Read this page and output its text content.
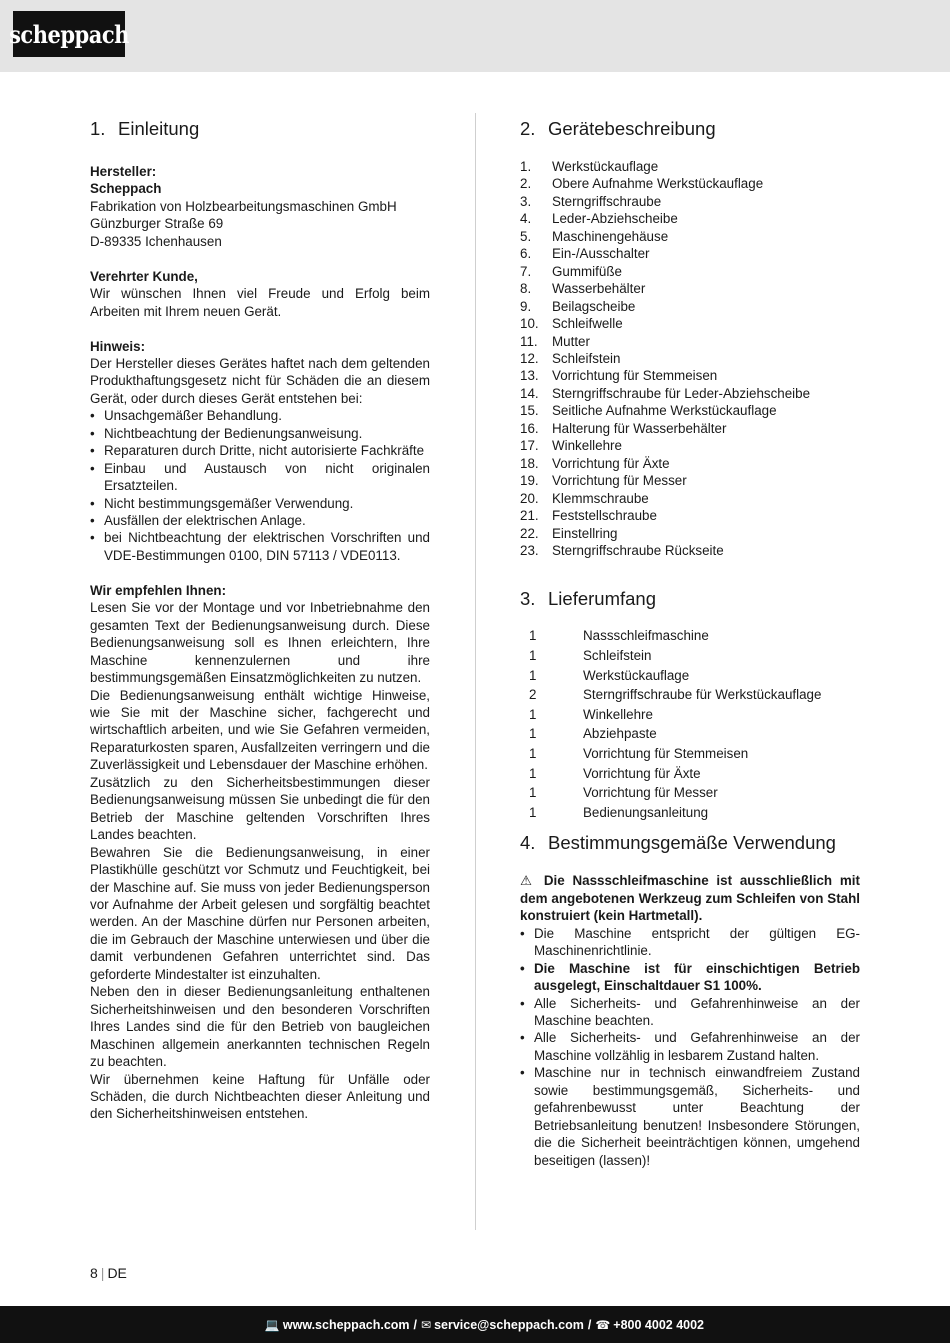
scheppach
1. Einleitung
Hersteller:
Scheppach
Fabrikation von Holzbearbeitungsmaschinen GmbH
Günzburger Straße 69
D-89335 Ichenhausen
Verehrter Kunde,

Wir wünschen Ihnen viel Freude und Erfolg beim Arbeiten mit Ihrem neuen Gerät.

Hinweis:

Der Hersteller dieses Gerätes haftet nach dem geltenden Produkthaftungsgesetz nicht für Schäden die an diesem Gerät, oder durch dieses Gerät entstehen bei:

• Unsachgemäßer Behandlung.
• Nichtbeachtung der Bedienungsanweisung.
• Reparaturen durch Dritte, nicht autorisierte Fachkräfte
• Einbau und Austausch von nicht originalen Ersatzteilen.
• Nicht bestimmungsgemäßer Verwendung.
• Ausfällen der elektrischen Anlage.
• bei Nichtbeachtung der elektrischen Vorschriften und VDE-Bestimmungen 0100, DIN 57113 / VDE0113.
Wir empfehlen Ihnen:

Lesen Sie vor der Montage und vor Inbetriebnahme den gesamten Text der Bedienungsanweisung durch. Diese Bedienungsanweisung soll es Ihnen erleichtern, Ihre Maschine kennenzulernen und ihre bestimmungsgemäßen Einsatzmöglichkeiten zu nutzen.

Die Bedienungsanweisung enthält wichtige Hinweise, wie Sie mit der Maschine sicher, fachgerecht und wirtschaftlich arbeiten, und wie Sie Gefahren vermeiden, Reparaturkosten sparen, Ausfallzeiten verringern und die Zuverlässigkeit und Lebensdauer der Maschine erhöhen.

Zusätzlich zu den Sicherheitsbestimmungen dieser Bedienungsanweisung müssen Sie unbedingt die für den Betrieb der Maschine geltenden Vorschriften Ihres Landes beachten.

Bewahren Sie die Bedienungsanweisung, in einer Plastikhülle geschützt vor Schmutz und Feuchtigkeit, bei der Maschine auf. Sie muss von jeder Bedienungsperson vor Aufnahme der Arbeit gelesen und sorgfältig beachtet werden. An der Maschine dürfen nur Personen arbeiten, die im Gebrauch der Maschine unterwiesen und über die damit verbundenen Gefahren unterrichtet sind. Das geforderte Mindestalter ist einzuhalten.

Neben den in dieser Bedienungsanleitung enthaltenen Sicherheitshinweisen und den besonderen Vorschriften Ihres Landes sind die für den Betrieb von baugleichen Maschinen allgemein anerkannten technischen Regeln zu beachten.

Wir übernehmen keine Haftung für Unfälle oder Schäden, die durch Nichtbeachten dieser Anleitung und den Sicherheitshinweisen entstehen.

2. Gerätebeschreibung
1.	Werkstückauflage
2.	Obere Aufnahme Werkstückauflage
3.	Sterngriffschraube
4.	Leder-Abziehscheibe
5.	Maschinengehäuse
6.	Ein-/Ausschalter
7.	Gummifüße
8.	Wasserbehälter
9.	Beilagscheibe
10. Schleifwelle
11.	Mutter
12. Schleifstein
13. Vorrichtung für Stemmeisen
14. Sterngriffschraube für Leder-Abziehscheibe
15. Seitliche Aufnahme Werkstückauflage
16. Halterung für Wasserbehälter
17. Winkellehre
18. Vorrichtung für Äxte
19. Vorrichtung für Messer
20. Klemmschraube
21. Feststellschraube
22. Einstellring
23. Sterngriffschraube Rückseite
3. Lieferumfang
1	Nassschleifmaschine
1	Schleifstein
1	Werkstückauflage
2	Sterngriffschraube für Werkstückauflage
1	Winkellehre
1	Abziehpaste
1	Vorrichtung für Stemmeisen
1	Vorrichtung für Äxte
1	Vorrichtung für Messer
1	Bedienungsanleitung
4. Bestimmungsgemäße Verwendung

⚠ Die Nassschleifmaschine ist ausschließlich mit dem angebotenen Werkzeug zum Schleifen von Stahl konstruiert (kein Hartmetall).

• Die Maschine entspricht der gültigen EG-Maschinenrichtlinie.
• Die Maschine ist für einschichtigen Betrieb ausgelegt, Einschaltdauer S1 100%.
• Alle Sicherheits- und Gefahrenhinweise an der Maschine beachten.
• Alle Sicherheits- und Gefahrenhinweise an der Maschine vollzählig in lesbarem Zustand halten.
• Maschine nur in technisch einwandfreiem Zustand sowie bestimmungsgemäß, Sicherheits- und gefahrenbewusst unter Beachtung der Betriebsanleitung benutzen! Insbesondere Störungen, die die Sicherheit beeinträchtigen können, umgehend beseitigen (lassen)!
8 | DE
💻 www.scheppach.com / ✉ service@scheppach.com / ☎ +800 4002 4002
